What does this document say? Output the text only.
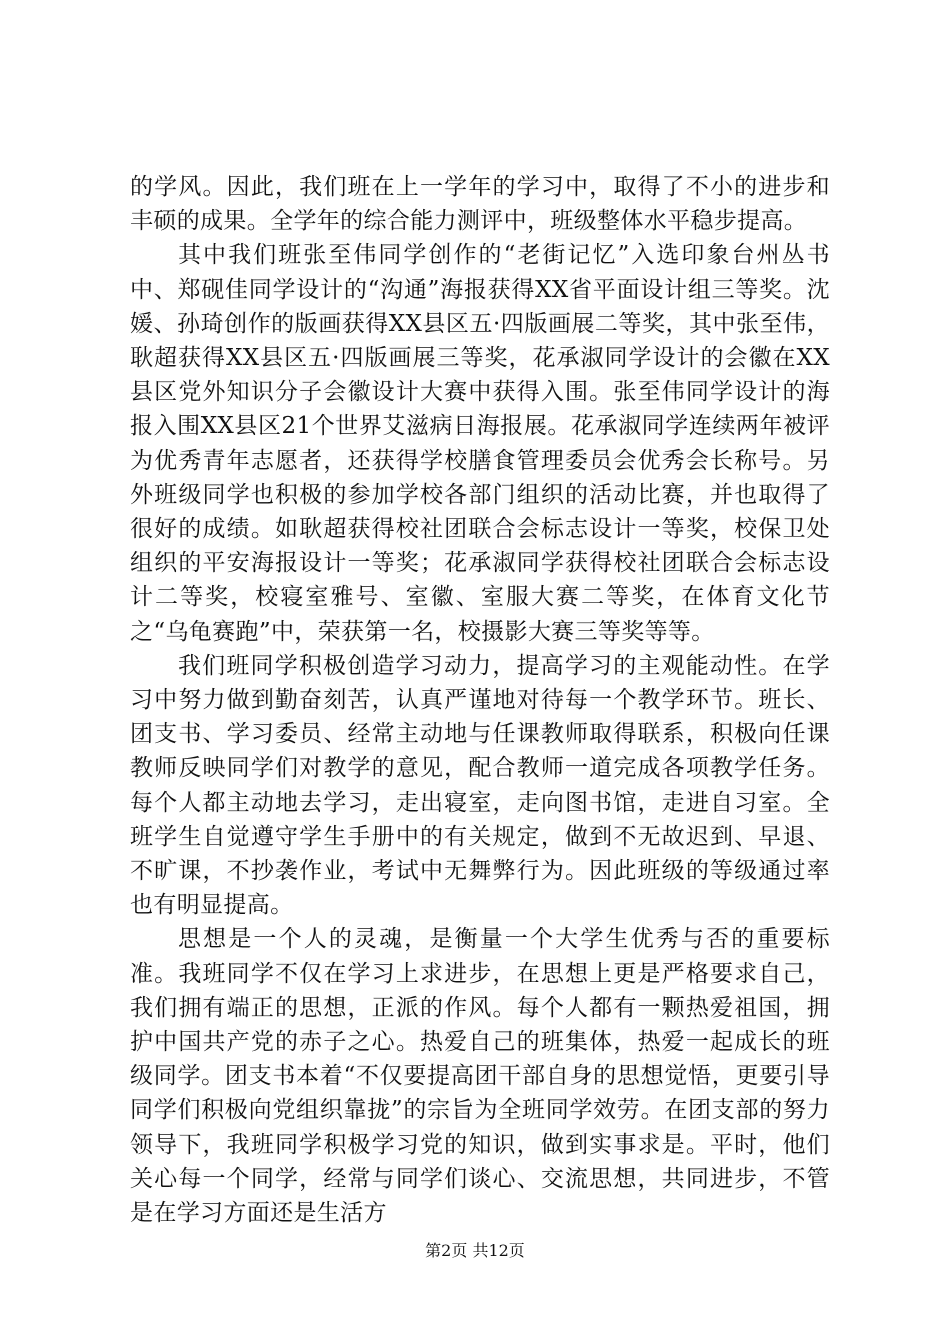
的学风。因此，我们班在上一学年的学习中，取得了不小的进步和丰硕的成果。全学年的综合能力测评中，班级整体水平稳步提高。

其中我们班张至伟同学创作的“老街记忆”入选印象台州丛书中、郑砚佳同学设计的“沟通”海报获得XX省平面设计组三等奖。沈媛、孙琦创作的版画获得XX县区五·四版画展二等奖，其中张至伟，耿超获得XX县区五·四版画展三等奖，花承淑同学设计的会徽在XX县区党外知识分子会徽设计大赛中获得入围。张至伟同学设计的海报入围XX县区21个世界艾滋病日海报展。花承淑同学连续两年被评为优秀青年志愿者，还获得学校膳食管理委员会优秀会长称号。另外班级同学也积极的参加学校各部门组织的活动比赛，并也取得了很好的成绩。如耿超获得校社团联合会标志设计一等奖，校保卫处组织的平安海报设计一等奖；花承淑同学获得校社团联合会标志设计二等奖，校寝室雅号、室徽、室服大赛二等奖，在体育文化节之“乌龟赛跑”中，荣获第一名，校摄影大赛三等奖等等。

我们班同学积极创造学习动力，提高学习的主观能动性。在学习中努力做到勤奋刻苦，认真严谨地对待每一个教学环节。班长、团支书、学习委员、经常主动地与任课教师取得联系，积极向任课教师反映同学们对教学的意见，配合教师一道完成各项教学任务。每个人都主动地去学习，走出寝室，走向图书馆，走进自习室。全班学生自觉遵守学生手册中的有关规定，做到不无故迟到、早退、不旷课，不抄袭作业，考试中无舞弊行为。因此班级的等级通过率也有明显提高。

思想是一个人的灵魂，是衡量一个大学生优秀与否的重要标准。我班同学不仅在学习上求进步，在思想上更是严格要求自己，我们拥有端正的思想，正派的作风。每个人都有一颗热爱祖国，拥护中国共产党的赤子之心。热爱自己的班集体，热爱一起成长的班级同学。团支书本着“不仅要提高团干部自身的思想觉悟，更要引导同学们积极向党组织靠拢”的宗旨为全班同学效劳。在团支部的努力领导下，我班同学积极学习党的知识，做到实事求是。平时，他们关心每一个同学，经常与同学们谈心、交流思想，共同进步，不管是在学习方面还是生活方

第2页 共12页
